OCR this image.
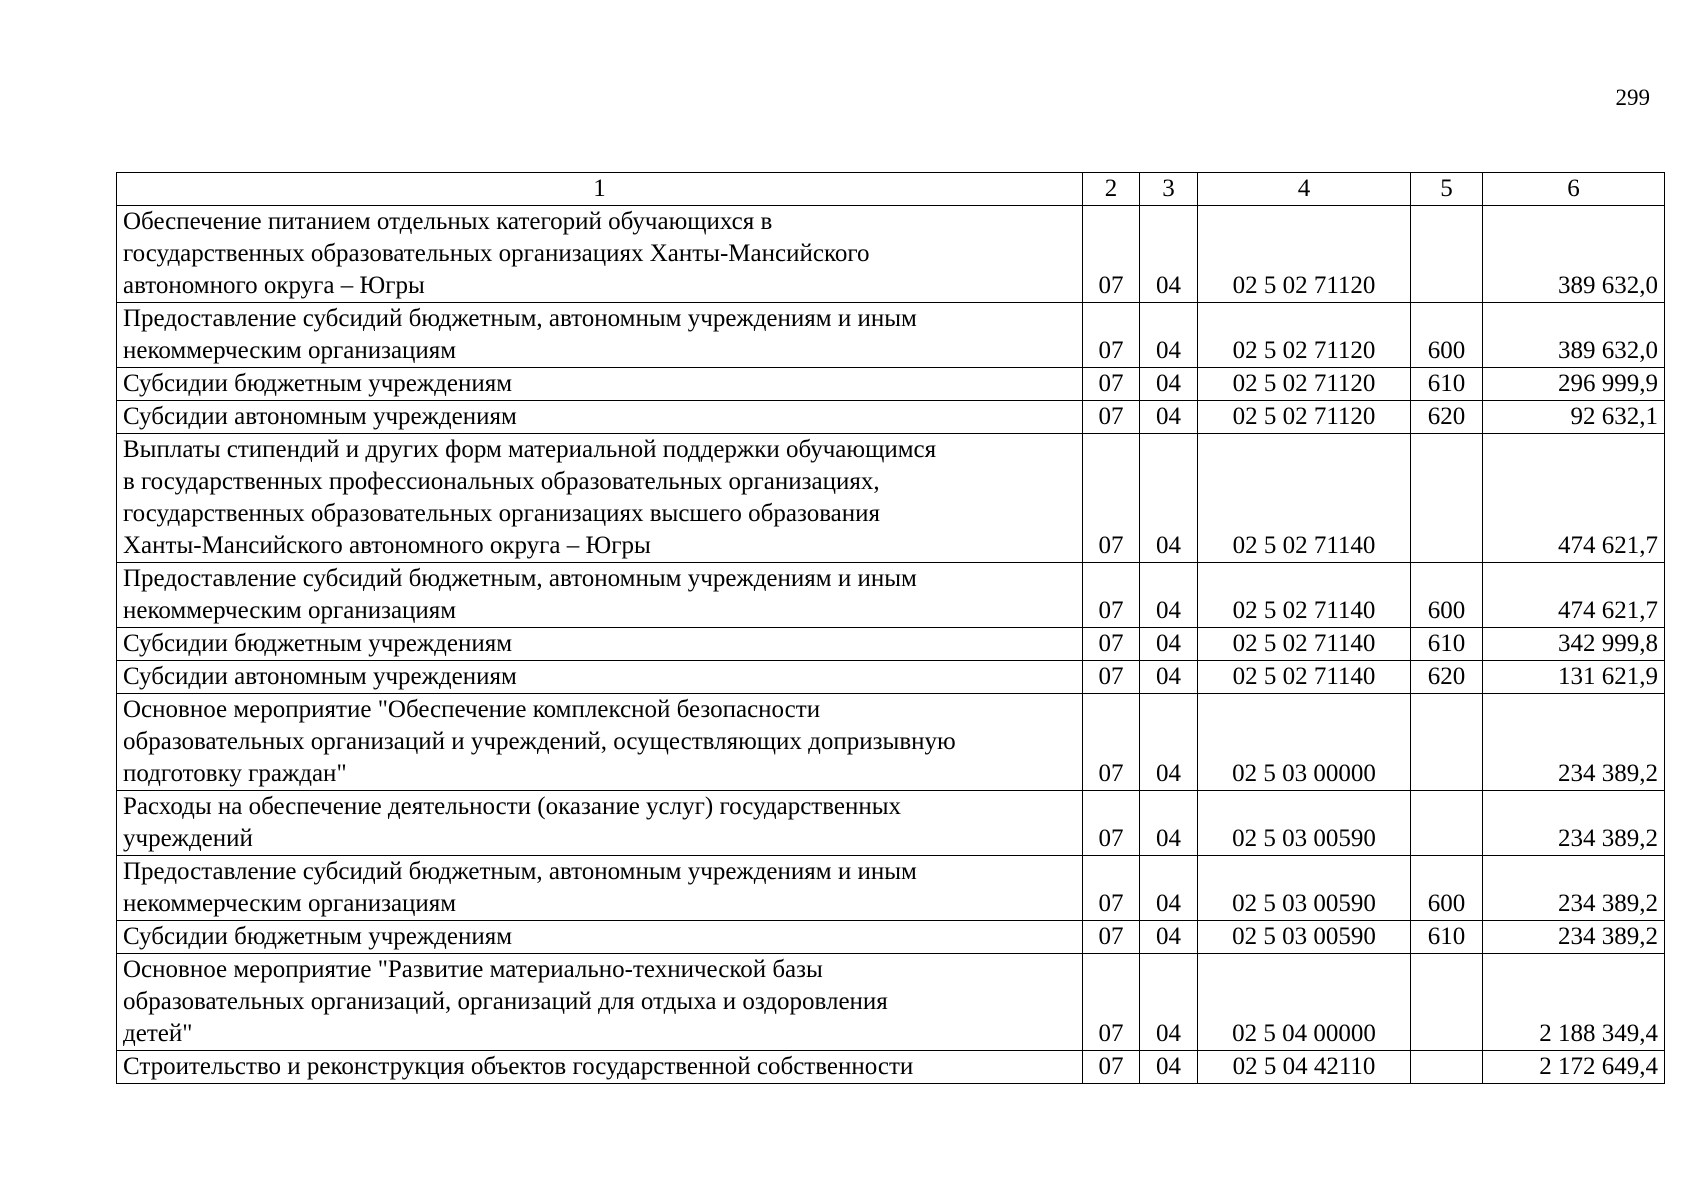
299
1	2	3	4	5	6
Обеспечение питанием отдельных категорий обучающихся в
государственных образовательных организациях Ханты-Мансийского
автономного округа – Югры	07	04	02 5 02 71120		389 632,0
Предоставление субсидий бюджетным, автономным учреждениям и иным
некоммерческим организациям	07	04	02 5 02 71120	600	389 632,0
Субсидии бюджетным учреждениям	07	04	02 5 02 71120	610	296 999,9
Субсидии автономным учреждениям	07	04	02 5 02 71120	620	92 632,1
Выплаты стипендий и других форм материальной поддержки обучающимся
в государственных профессиональных образовательных организациях,
государственных образовательных организациях высшего образования
Ханты-Мансийского автономного округа – Югры	07	04	02 5 02 71140		474 621,7
Предоставление субсидий бюджетным, автономным учреждениям и иным
некоммерческим организациям	07	04	02 5 02 71140	600	474 621,7
Субсидии бюджетным учреждениям	07	04	02 5 02 71140	610	342 999,8
Субсидии автономным учреждениям	07	04	02 5 02 71140	620	131 621,9
Основное мероприятие "Обеспечение комплексной безопасности
образовательных организаций и учреждений, осуществляющих допризывную
подготовку граждан"	07	04	02 5 03 00000		234 389,2
Расходы на обеспечение деятельности (оказание услуг) государственных
учреждений	07	04	02 5 03 00590		234 389,2
Предоставление субсидий бюджетным, автономным учреждениям и иным
некоммерческим организациям	07	04	02 5 03 00590	600	234 389,2
Субсидии бюджетным учреждениям	07	04	02 5 03 00590	610	234 389,2
Основное мероприятие "Развитие материально-технической базы
образовательных организаций, организаций для отдыха и оздоровления
детей"	07	04	02 5 04 00000		2 188 349,4
Строительство и реконструкция объектов государственной собственности	07	04	02 5 04 42110		2 172 649,4
